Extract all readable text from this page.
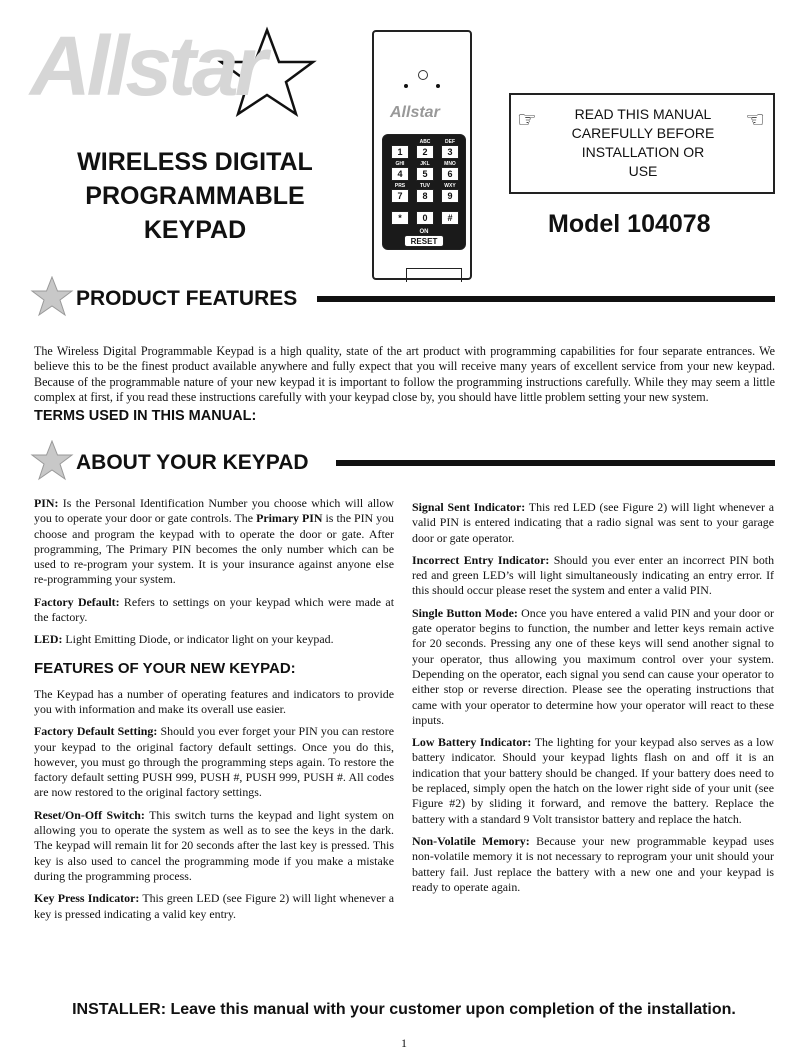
Allstar
WIRELESS DIGITAL
PROGRAMMABLE
KEYPAD
Allstar
1
ABC
2
DEF
3
GHI
4
JKL
5
MNO
6
PRS
7
TUV
8
WXY
9
*	0	#
ON
RESET
☞	☜
READ THIS MANUAL
CAREFULLY BEFORE
INSTALLATION OR
USE
Model 104078
PRODUCT FEATURES
The Wireless Digital Programmable Keypad is a high quality, state of the art product with programming capabilities for four separate entrances. We believe this to be the finest product available anywhere and fully expect that you will receive many years of excellent service from your new keypad. Because of the programmable nature of your new keypad it is important to follow the programming instructions carefully. While they may seem a little complex at first, if you read these instructions carefully with your keypad close by, you should have little problem setting your new system.
TERMS USED IN THIS MANUAL:
ABOUT YOUR KEYPAD

PIN: Is the Personal Identification Number you choose which will allow you to operate your door or gate controls. The Primary PIN is the PIN you choose and program the keypad with to operate the door or gate. After programming, The Primary PIN becomes the only number which can be used to re-program your system. It is your insurance against anyone else re-programming your system.

Factory Default: Refers to settings on your keypad which were made at the factory.

LED: Light Emitting Diode, or indicator light on your keypad.

FEATURES OF YOUR NEW KEYPAD:

The Keypad has a number of operating features and indicators to provide you with information and make its overall use easier.

Factory Default Setting: Should you ever forget your PIN you can restore your keypad to the original factory default settings. Once you do this, however, you must go through the programming steps again. To restore the factory default setting PUSH 999, PUSH #, PUSH 999, PUSH #. All codes are now restored to the original factory settings.

Reset/On-Off Switch: This switch turns the keypad and light system on allowing you to operate the system as well as to see the keys in the dark. The keypad will remain lit for 20 seconds after the last key is pressed. This key is also used to cancel the programming mode if you make a mistake during the programming process.

Key Press Indicator: This green LED (see Figure 2) will light whenever a key is pressed indicating a valid key entry.

Signal Sent Indicator: This red LED (see Figure 2) will light whenever a valid PIN is entered indicating that a radio signal was sent to your garage door or gate operator.

Incorrect Entry Indicator: Should you ever enter an incorrect PIN both red and green LED’s will light simultaneously indicating an entry error. If this should occur please reset the system and enter a valid PIN.

Single Button Mode: Once you have entered a valid PIN and your door or gate operator begins to function, the number and letter keys remain active for 20 seconds. Pressing any one of these keys will send another signal to your operator, thus allowing you maximum control over your system. Depending on the operator, each signal you send can cause your operator to either stop or reverse direction. Please see the operating instructions that came with your operator to determine how your operator will react to these inputs.

Low Battery Indicator: The lighting for your keypad also serves as a low battery indicator. Should your keypad lights flash on and off it is an indication that your battery should be changed. If your battery does need to be replaced, simply open the hatch on the lower right side of your unit (see Figure #2) by sliding it forward, and remove the battery. Replace the battery with a standard 9 Volt transistor battery and replace the hatch.

Non-Volatile Memory: Because your new programmable keypad uses non-volatile memory it is not necessary to reprogram your unit should your battery fail. Just replace the battery with a new one and your keypad is ready to operate again.

INSTALLER: Leave this manual with your customer upon completion of the installation.
1
